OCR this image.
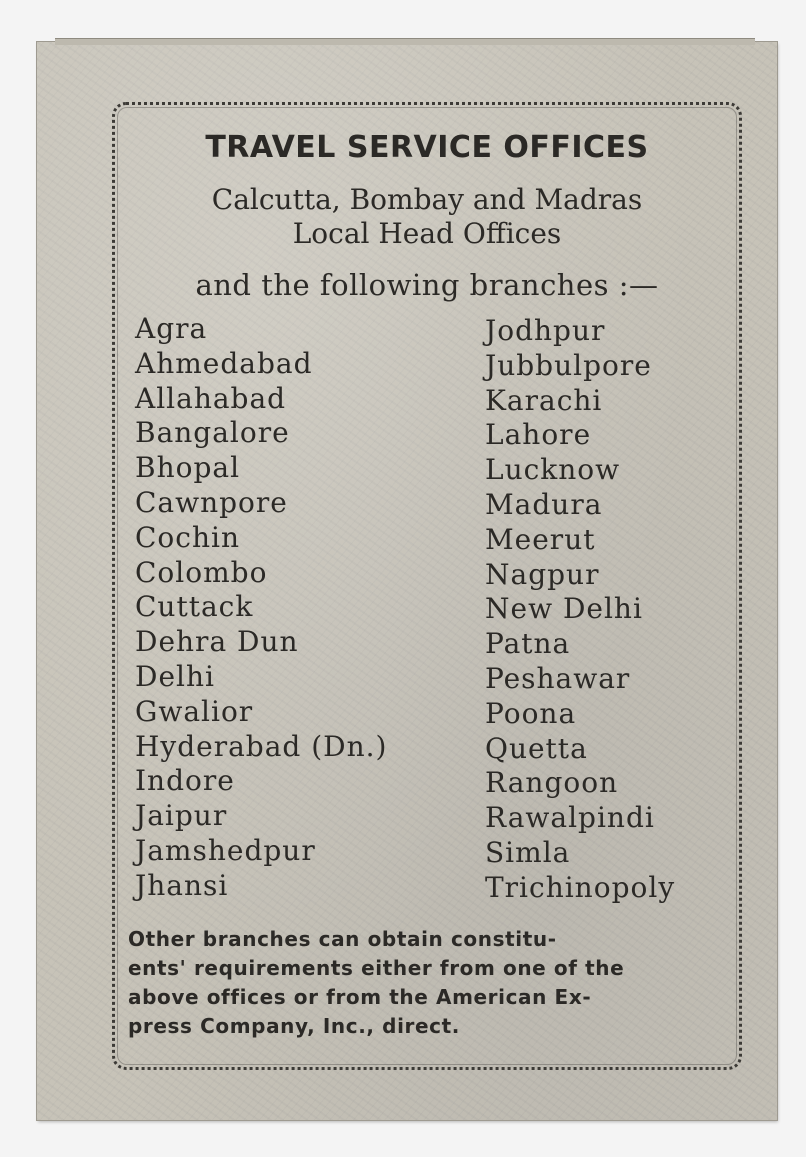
TRAVEL SERVICE OFFICES

Calcutta, Bombay and Madras

Local Head Offices

and the following branches :—

Agra
Ahmedabad
Allahabad
Bangalore
Bhopal
Cawnpore
Cochin
Colombo
Cuttack
Dehra Dun
Delhi
Gwalior
Hyderabad (Dn.)
Indore
Jaipur
Jamshedpur
Jhansi
Jodhpur
Jubbulpore
Karachi
Lahore
Lucknow
Madura
Meerut
Nagpur
New Delhi
Patna
Peshawar
Poona
Quetta
Rangoon
Rawalpindi
Simla
Trichinopoly

Other branches can obtain constitu-
ents' requirements either from one of the
above offices or from the American Ex-
press Company, Inc., direct.
